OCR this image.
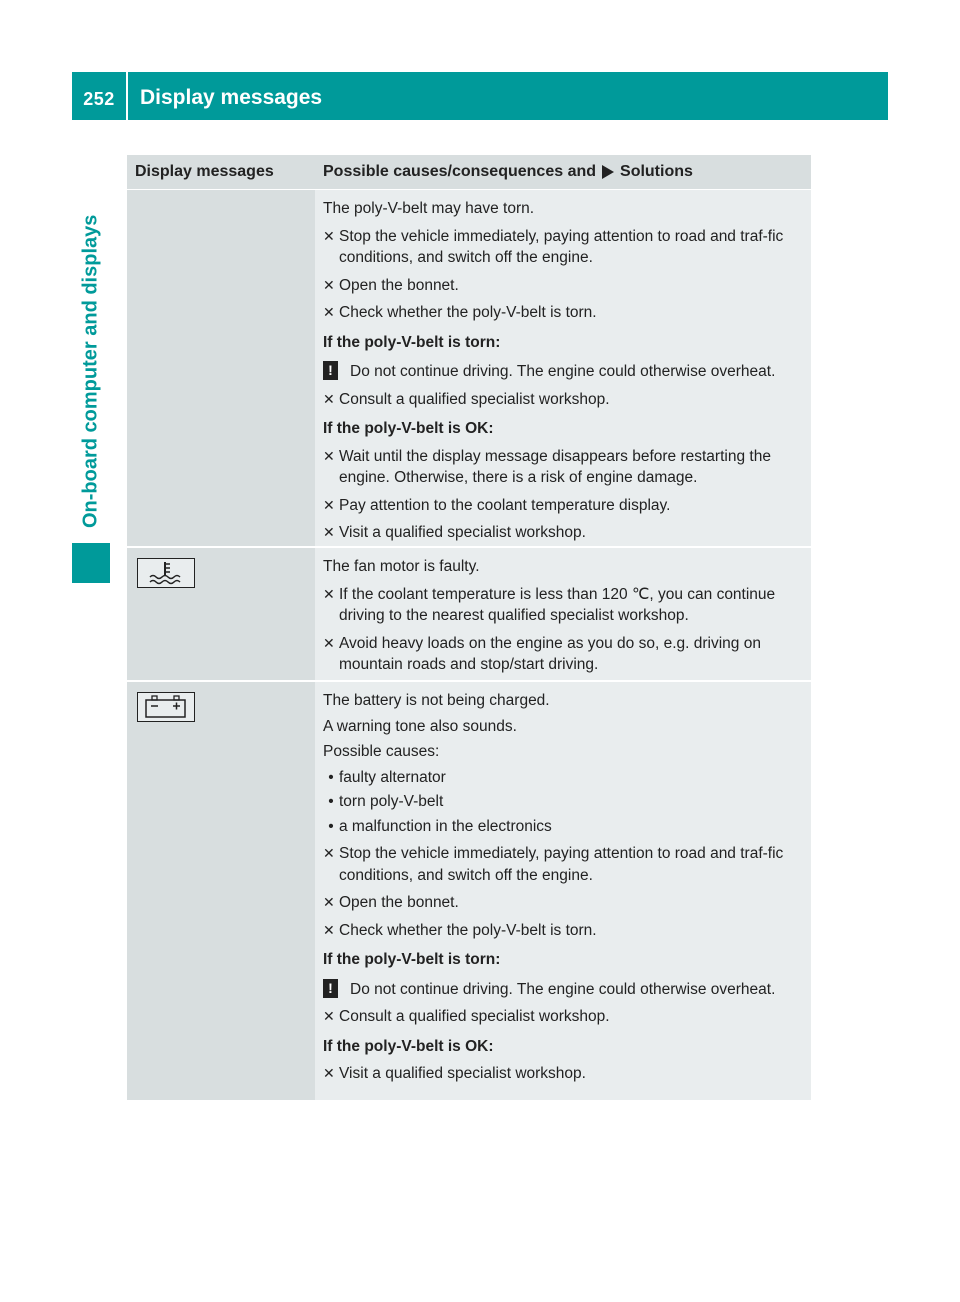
252	Display messages
On-board computer and displays
Display messages	Possible causes/consequences and Solutions
The poly-V-belt may have torn.
✕ Stop the vehicle immediately, paying attention to road and traf-fic conditions, and switch off the engine.
✕ Open the bonnet.
✕ Check whether the poly-V-belt is torn.
If the poly-V-belt is torn:
!	Do not continue driving. The engine could otherwise overheat.
✕ Consult a qualified specialist workshop.
If the poly-V-belt is OK:
✕ Wait until the display message disappears before restarting the engine. Otherwise, there is a risk of engine damage.
✕ Pay attention to the coolant temperature display.
✕ Visit a qualified specialist workshop.
The fan motor is faulty.
✕ If the coolant temperature is less than 120 ℃, you can continue driving to the nearest qualified specialist workshop.
✕ Avoid heavy loads on the engine as you do so, e.g. driving on mountain roads and stop/start driving.
The battery is not being charged.
A warning tone also sounds.
Possible causes:
• faulty alternator
• torn poly-V-belt
• a malfunction in the electronics
✕ Stop the vehicle immediately, paying attention to road and traf-fic conditions, and switch off the engine.
✕ Open the bonnet.
✕ Check whether the poly-V-belt is torn.
If the poly-V-belt is torn:
!	Do not continue driving. The engine could otherwise overheat.
✕ Consult a qualified specialist workshop.
If the poly-V-belt is OK:
✕ Visit a qualified specialist workshop.
